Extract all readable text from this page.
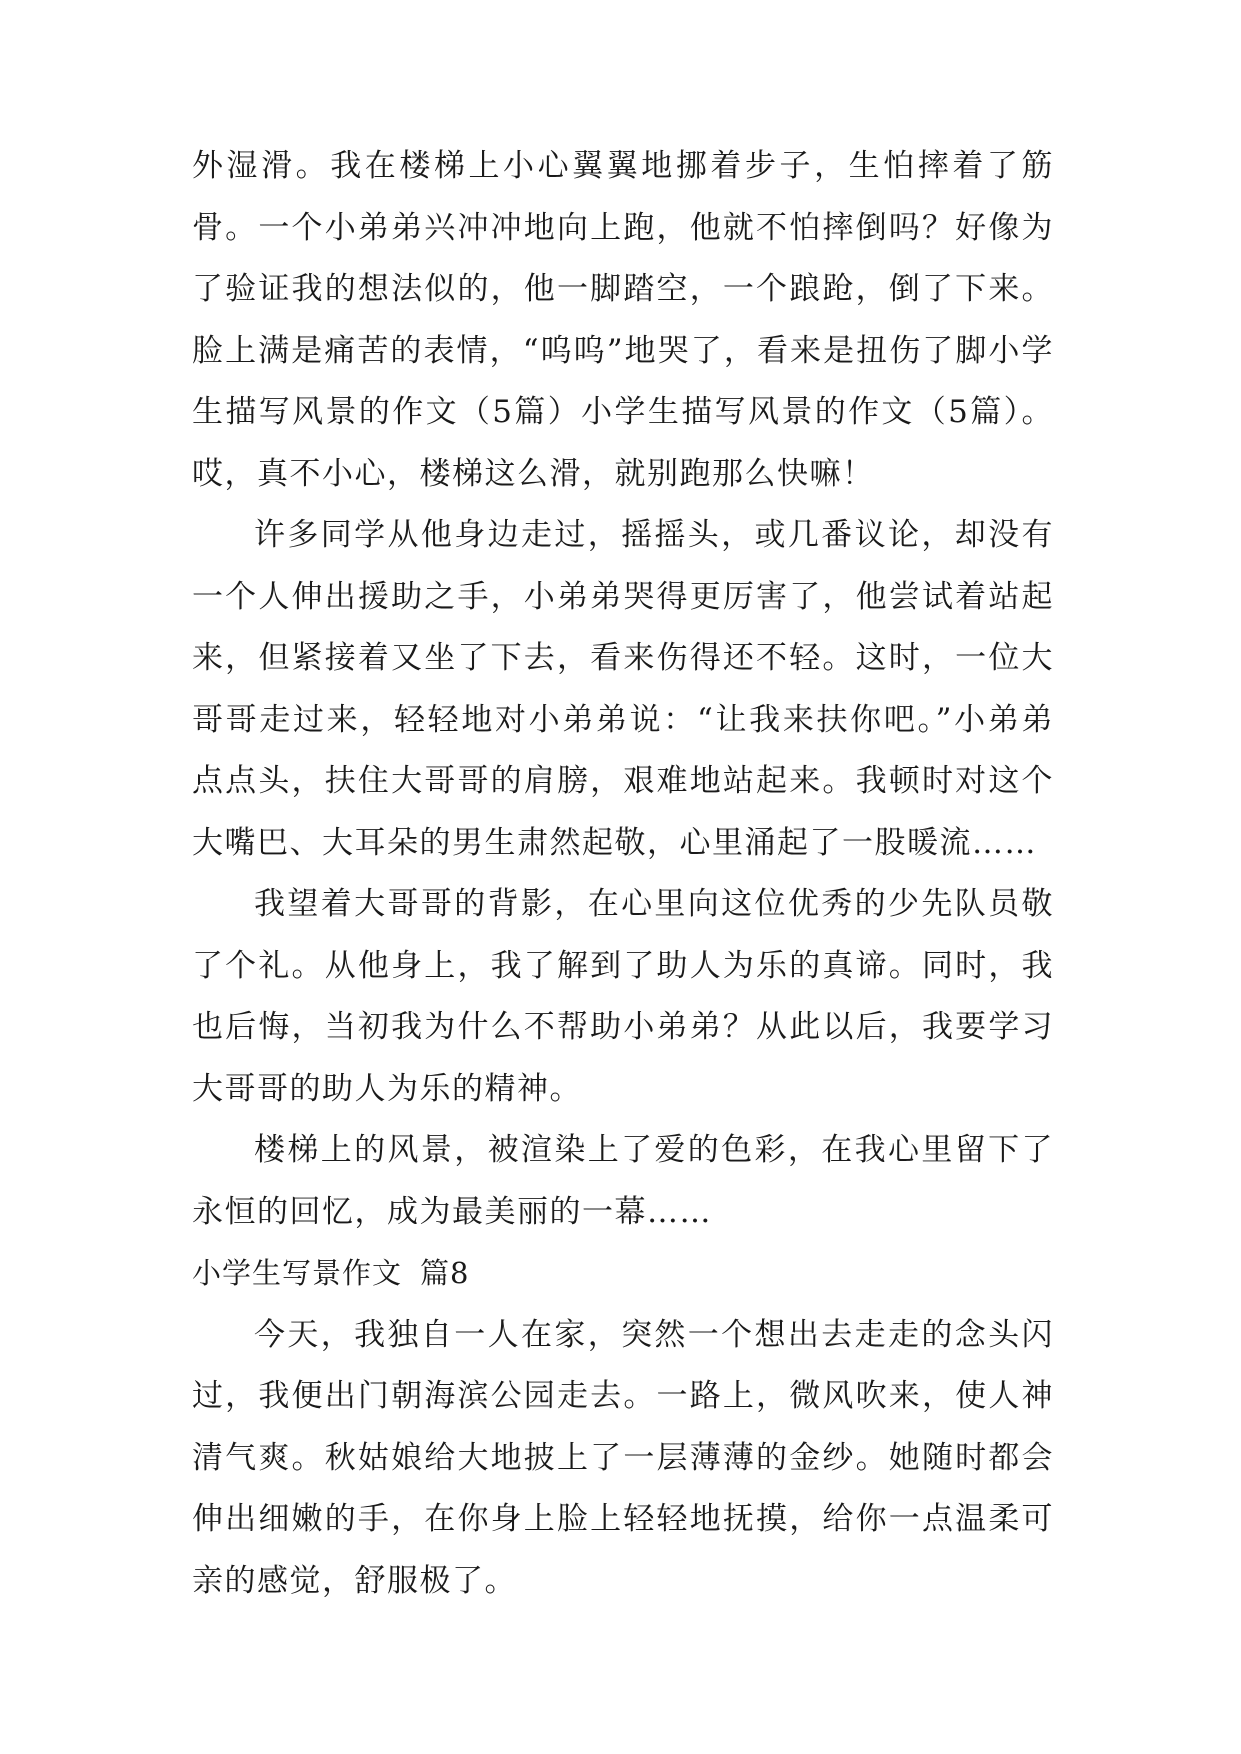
外湿滑。我在楼梯上小心翼翼地挪着步子，生怕摔着了筋骨。一个小弟弟兴冲冲地向上跑，他就不怕摔倒吗？好像为了验证我的想法似的，他一脚踏空，一个踉跄，倒了下来。脸上满是痛苦的表情，“呜呜”地哭了，看来是扭伤了脚小学生描写风景的作文（5篇）小学生描写风景的作文（5篇）。哎，真不小心，楼梯这么滑，就别跑那么快嘛！

许多同学从他身边走过，摇摇头，或几番议论，却没有一个人伸出援助之手，小弟弟哭得更厉害了，他尝试着站起来，但紧接着又坐了下去，看来伤得还不轻。这时，一位大哥哥走过来，轻轻地对小弟弟说：“让我来扶你吧。”小弟弟点点头，扶住大哥哥的肩膀，艰难地站起来。我顿时对这个大嘴巴、大耳朵的男生肃然起敬，心里涌起了一股暖流……

我望着大哥哥的背影，在心里向这位优秀的少先队员敬了个礼。从他身上，我了解到了助人为乐的真谛。同时，我也后悔，当初我为什么不帮助小弟弟？从此以后，我要学习大哥哥的助人为乐的精神。

楼梯上的风景，被渲染上了爱的色彩，在我心里留下了永恒的回忆，成为最美丽的一幕……

小学生写景作文 篇8

今天，我独自一人在家，突然一个想出去走走的念头闪过，我便出门朝海滨公园走去。一路上，微风吹来，使人神清气爽。秋姑娘给大地披上了一层薄薄的金纱。她随时都会伸出细嫩的手，在你身上脸上轻轻地抚摸，给你一点温柔可亲的感觉，舒服极了。
